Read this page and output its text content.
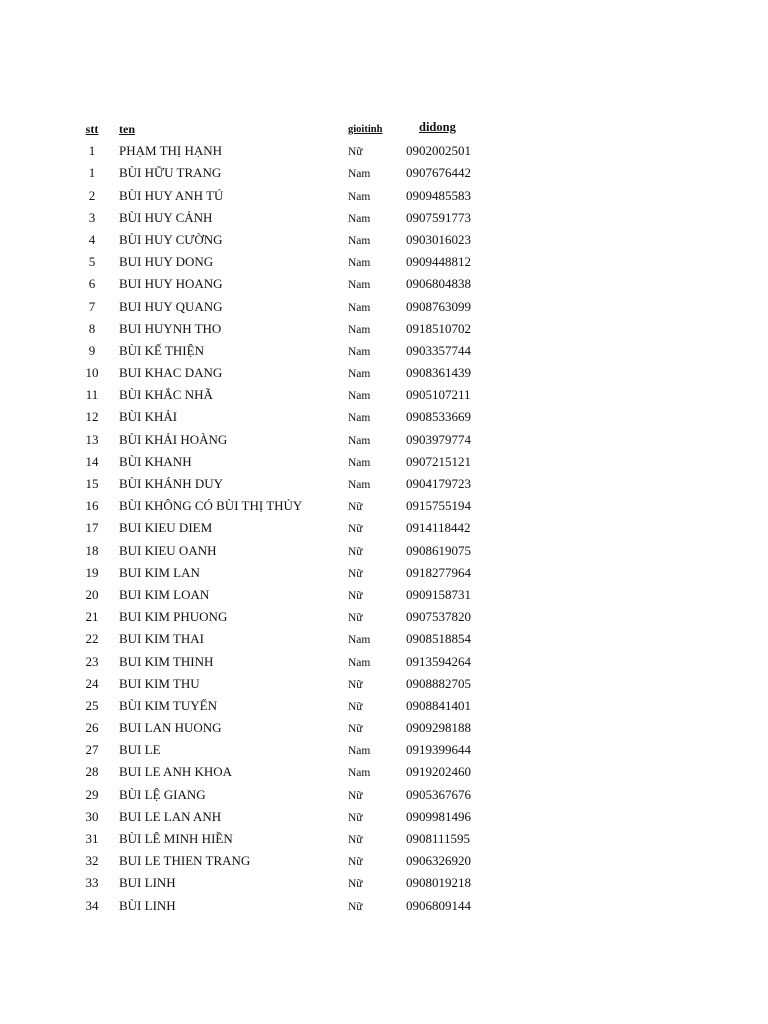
stt	ten	gioitinh	didong
1	PHẠM THỊ HẠNH	Nữ	0902002501
1	BÙI HỮU TRANG	Nam	0907676442
2	BÙI HUY ANH TÚ	Nam	0909485583
3	BÙI HUY CẢNH	Nam	0907591773
4	BÙI HUY CƯỜNG	Nam	0903016023
5	BUI HUY DONG	Nam	0909448812
6	BUI HUY HOANG	Nam	0906804838
7	BUI HUY QUANG	Nam	0908763099
8	BUI HUYNH THO	Nam	0918510702
9	BÙI KẾ THIỆN	Nam	0903357744
10	BUI KHAC DANG	Nam	0908361439
11	BÙI KHẮC NHÃ	Nam	0905107211
12	BÙI KHẢI	Nam	0908533669
13	BÙI KHẢI HOÀNG	Nam	0903979774
14	BÙI KHANH	Nam	0907215121
15	BÙI KHÁNH DUY	Nam	0904179723
16	BÙI KHÔNG CÓ BÙI THỊ THỦY	Nữ	0915755194
17	BUI KIEU DIEM	Nữ	0914118442
18	BUI KIEU OANH	Nữ	0908619075
19	BUI KIM LAN	Nữ	0918277964
20	BUI KIM LOAN	Nữ	0909158731
21	BUI KIM PHUONG	Nữ	0907537820
22	BUI KIM THAI	Nam	0908518854
23	BUI KIM THINH	Nam	0913594264
24	BUI KIM THU	Nữ	0908882705
25	BÙI KIM TUYẾN	Nữ	0908841401
26	BUI LAN HUONG	Nữ	0909298188
27	BUI LE	Nam	0919399644
28	BUI LE ANH KHOA	Nam	0919202460
29	BÙI LỆ GIANG	Nữ	0905367676
30	BUI LE LAN ANH	Nữ	0909981496
31	BÙI LÊ MINH HIỀN	Nữ	0908111595
32	BUI LE THIEN TRANG	Nữ	0906326920
33	BUI LINH	Nữ	0908019218
34	BÙI LINH	Nữ	0906809144
